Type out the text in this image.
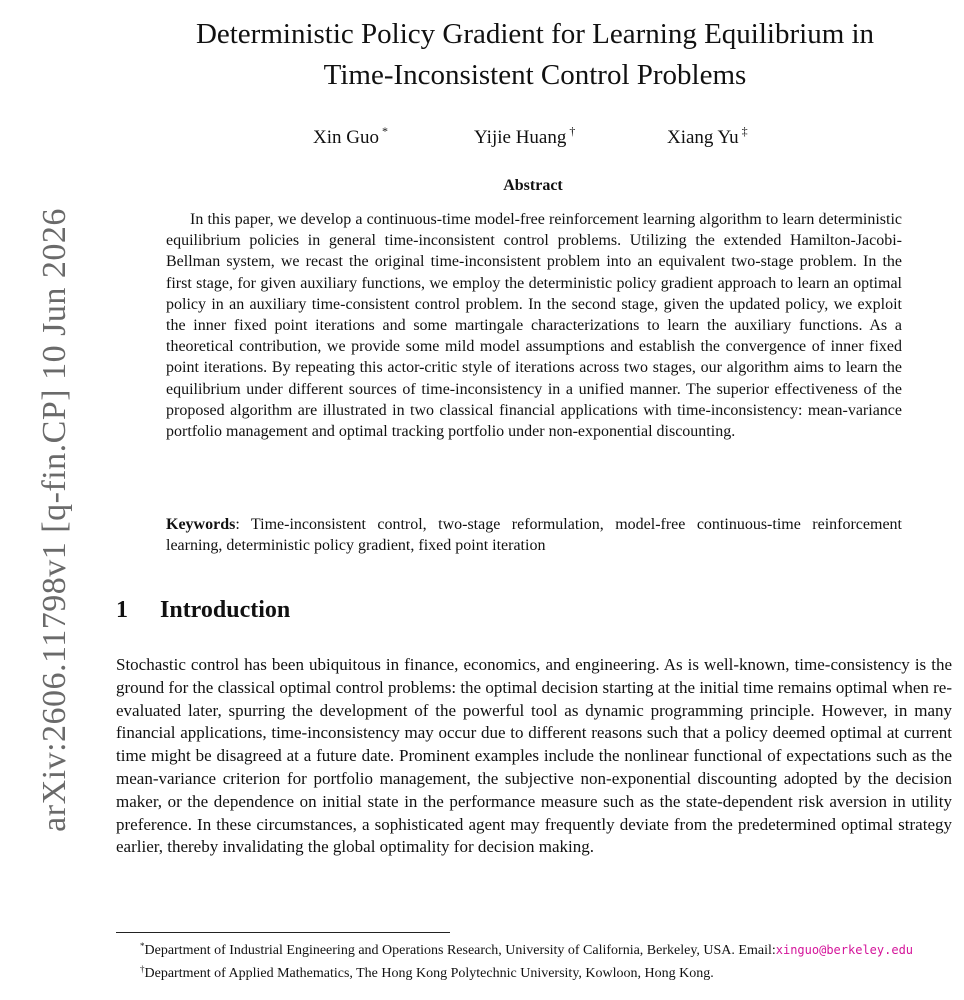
arXiv:2606.11798v1 [q-fin.CP] 10 Jun 2026
Deterministic Policy Gradient for Learning Equilibrium in
Time-Inconsistent Control Problems
Xin Guo *	Yijie Huang †	Xiang Yu ‡
Abstract
In this paper, we develop a continuous-time model-free reinforcement learning algorithm to learn deterministic equilibrium policies in general time-inconsistent control problems. Utilizing the extended Hamilton-Jacobi-Bellman system, we recast the original time-inconsistent problem into an equivalent two-stage problem. In the first stage, for given auxiliary functions, we employ the deterministic policy gradient approach to learn an optimal policy in an auxiliary time-consistent control problem. In the second stage, given the updated policy, we exploit the inner fixed point iterations and some martingale characterizations to learn the auxiliary functions. As a theoretical contribution, we provide some mild model assumptions and establish the convergence of inner fixed point iterations. By repeating this actor-critic style of iterations across two stages, our algorithm aims to learn the equilibrium under different sources of time-inconsistency in a unified manner. The superior effectiveness of the proposed algorithm are illustrated in two classical financial applications with time-inconsistency: mean-variance portfolio management and optimal tracking portfolio under non-exponential discounting.
Keywords: Time-inconsistent control, two-stage reformulation, model-free continuous-time reinforcement learning, deterministic policy gradient, fixed point iteration
1 Introduction
Stochastic control has been ubiquitous in finance, economics, and engineering. As is well-known, time-consistency is the ground for the classical optimal control problems: the optimal decision starting at the initial time remains optimal when re-evaluated later, spurring the development of the powerful tool as dynamic programming principle. However, in many financial applications, time-inconsistency may occur due to different reasons such that a policy deemed optimal at current time might be disagreed at a future date. Prominent examples include the nonlinear functional of expectations such as the mean-variance criterion for portfolio management, the subjective non-exponential discounting adopted by the decision maker, or the dependence on initial state in the performance measure such as the state-dependent risk aversion in utility preference. In these circumstances, a sophisticated agent may frequently deviate from the predetermined optimal strategy earlier, thereby invalidating the global optimality for decision making.
*Department of Industrial Engineering and Operations Research, University of California, Berkeley, USA. Email:xinguo@berkeley.edu
†Department of Applied Mathematics, The Hong Kong Polytechnic University, Kowloon, Hong Kong.
